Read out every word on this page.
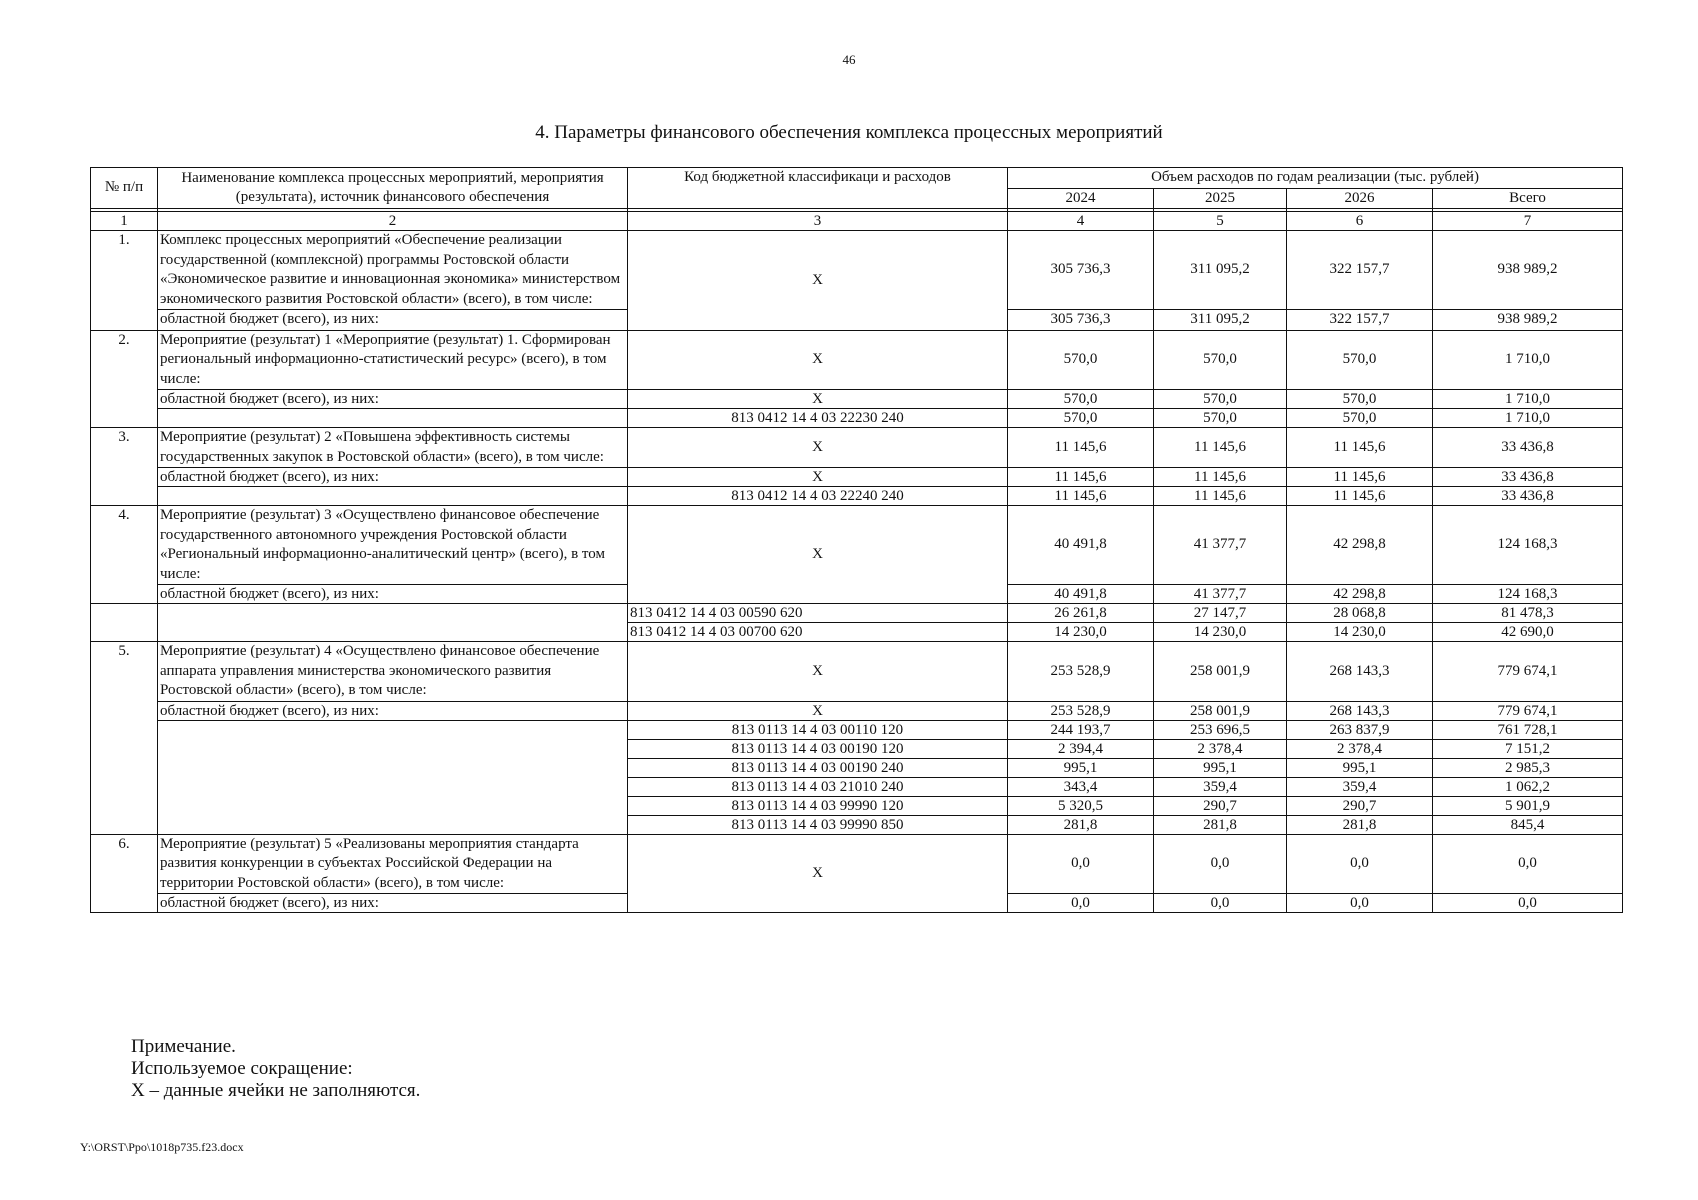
46
4. Параметры финансового обеспечения комплекса процессных мероприятий
№ п/п	Наименование комплекса процессных мероприятий, мероприятия (результата), источник финансового обеспечения	Код бюджетной классификаци и расходов	Объем расходов по годам реализации (тыс. рублей)			
			2024	2025	2026	Всего

1	2	3	4	5	6	7
1.	Комплекс процессных мероприятий «Обеспечение реализации государственной (комплексной) программы Ростовской области «Экономическое развитие и инновационная экономика» министерством экономического развития Ростовской области» (всего), в том числе:	X	305 736,3	311 095,2	322 157,7	938 989,2
	областной бюджет (всего), из них:		305 736,3	311 095,2	322 157,7	938 989,2
2.	Мероприятие (результат) 1 «Мероприятие (результат) 1. Сформирован региональный информационно-статистический ресурс» (всего), в том числе:	X	570,0	570,0	570,0	1 710,0
	областной бюджет (всего), из них:	X	570,0	570,0	570,0	1 710,0
		813 0412 14 4 03 22230 240	570,0	570,0	570,0	1 710,0
3.	Мероприятие (результат) 2 «Повышена эффективность системы государственных закупок в Ростовской области» (всего), в том числе:	X	11 145,6	11 145,6	11 145,6	33 436,8
	областной бюджет (всего), из них:	X	11 145,6	11 145,6	11 145,6	33 436,8
		813 0412 14 4 03 22240 240	11 145,6	11 145,6	11 145,6	33 436,8
4.	Мероприятие (результат) 3 «Осуществлено финансовое обеспечение государственного автономного учреждения Ростовской области «Региональный информационно-аналитический центр» (всего), в том числе:	X	40 491,8	41 377,7	42 298,8	124 168,3
	областной бюджет (всего), из них:		40 491,8	41 377,7	42 298,8	124 168,3
		813 0412 14 4 03 00590 620	26 261,8	27 147,7	28 068,8	81 478,3
		813 0412 14 4 03 00700 620	14 230,0	14 230,0	14 230,0	42 690,0
5.	Мероприятие (результат) 4 «Осуществлено финансовое обеспечение аппарата управления министерства экономического развития Ростовской области» (всего), в том числе:	X	253 528,9	258 001,9	268 143,3	779 674,1
	областной бюджет (всего), из них:	X	253 528,9	258 001,9	268 143,3	779 674,1
		813 0113 14 4 03 00110 120	244 193,7	253 696,5	263 837,9	761 728,1
		813 0113 14 4 03 00190 120	2 394,4	2 378,4	2 378,4	7 151,2
		813 0113 14 4 03 00190 240	995,1	995,1	995,1	2 985,3
		813 0113 14 4 03 21010 240	343,4	359,4	359,4	1 062,2
		813 0113 14 4 03 99990 120	5 320,5	290,7	290,7	5 901,9
		813 0113 14 4 03 99990 850	281,8	281,8	281,8	845,4
6.	Мероприятие (результат) 5 «Реализованы мероприятия стандарта развития конкуренции в субъектах Российской Федерации на территории Ростовской области» (всего), в том числе:	X	0,0	0,0	0,0	0,0
	областной бюджет (всего), из них:		0,0	0,0	0,0	0,0
Примечание.
Используемое сокращение:
X – данные ячейки не заполняются.
Y:\ORST\Ppo\1018p735.f23.docx
